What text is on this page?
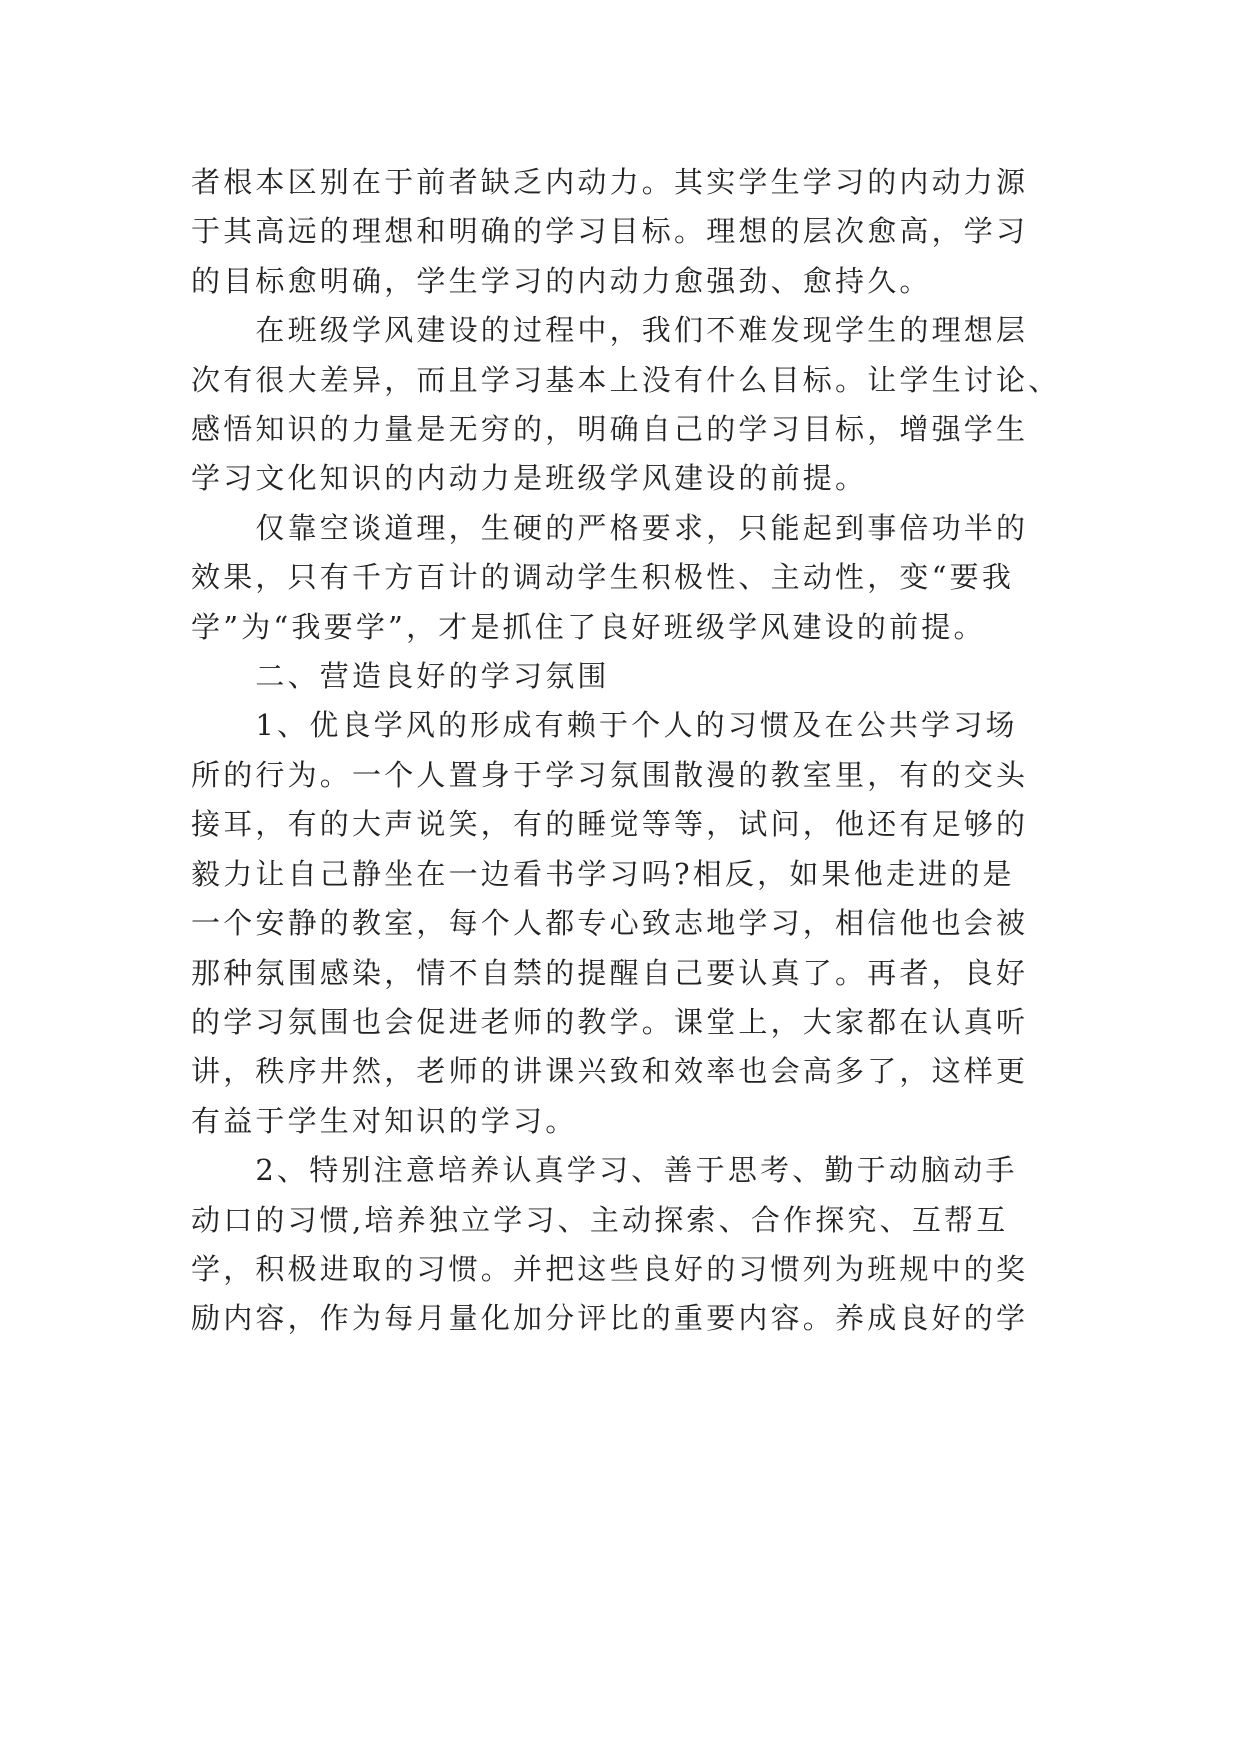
者根本区别在于前者缺乏内动力。其实学生学习的内动力源

于其高远的理想和明确的学习目标。理想的层次愈高，学习

的目标愈明确，学生学习的内动力愈强劲、愈持久。

　　在班级学风建设的过程中，我们不难发现学生的理想层

次有很大差异，而且学习基本上没有什么目标。让学生讨论、

感悟知识的力量是无穷的，明确自己的学习目标，增强学生

学习文化知识的内动力是班级学风建设的前提。

　　仅靠空谈道理，生硬的严格要求，只能起到事倍功半的

效果，只有千方百计的调动学生积极性、主动性，变“要我

学”为“我要学”，才是抓住了良好班级学风建设的前提。

　　二、营造良好的学习氛围

　　1、优良学风的形成有赖于个人的习惯及在公共学习场

所的行为。一个人置身于学习氛围散漫的教室里，有的交头

接耳，有的大声说笑，有的睡觉等等，试问，他还有足够的

毅力让自己静坐在一边看书学习吗?相反，如果他走进的是

一个安静的教室，每个人都专心致志地学习，相信他也会被

那种氛围感染，情不自禁的提醒自己要认真了。再者，良好

的学习氛围也会促进老师的教学。课堂上，大家都在认真听

讲，秩序井然，老师的讲课兴致和效率也会高多了，这样更

有益于学生对知识的学习。

　　2、特别注意培养认真学习、善于思考、勤于动脑动手

动口的习惯,培养独立学习、主动探索、合作探究、互帮互

学，积极进取的习惯。并把这些良好的习惯列为班规中的奖

励内容，作为每月量化加分评比的重要内容。养成良好的学
